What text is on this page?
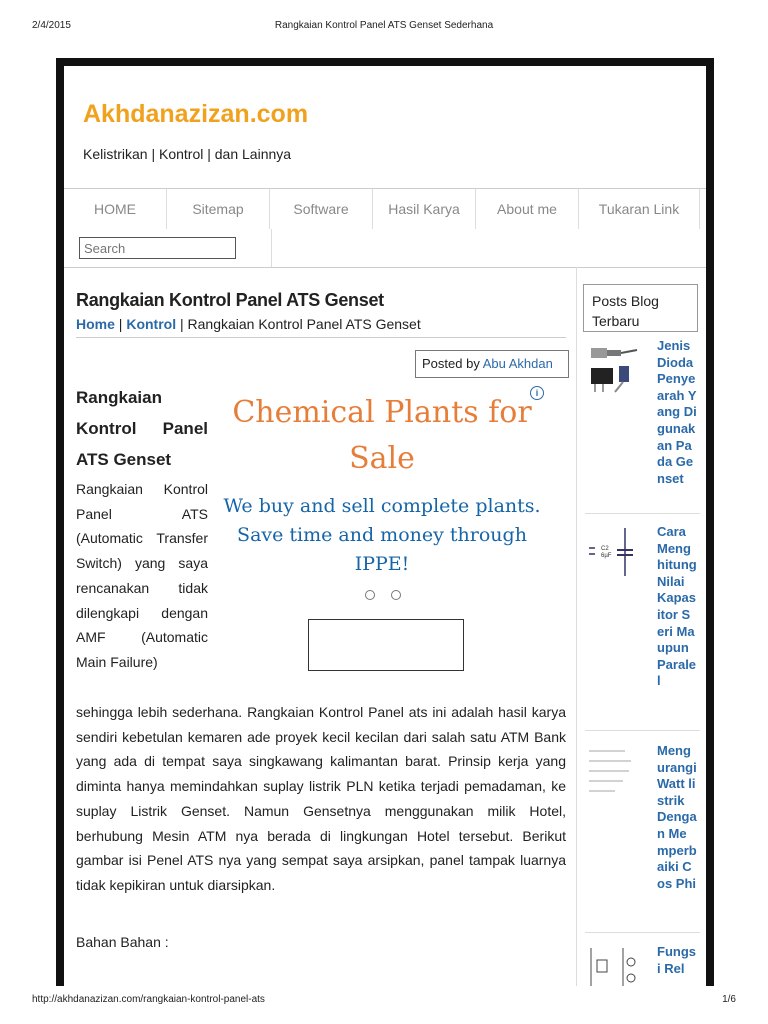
2/4/2015	Rangkaian Kontrol Panel ATS Genset Sederhana
Akhdanazizan.com
Kelistrikan | Kontrol | dan Lainnya
HOME	Sitemap	Software	Hasil Karya	About me	Tukaran Link
Search
Rangkaian Kontrol Panel ATS Genset
Home | Kontrol | Rangkaian Kontrol Panel ATS Genset
Posted by Abu Akhdan
Rangkaian Kontrol Panel ATS Genset
Rangkaian Kontrol Panel ATS (Automatic Transfer Switch) yang saya rencanakan tidak dilengkapi dengan AMF (Automatic Main Failure)
i
Chemical Plants for Sale
We buy and sell complete plants. Save time and money through IPPE!
sehingga lebih sederhana. Rangkaian Kontrol Panel ats ini adalah hasil karya sendiri kebetulan kemaren ade proyek kecil kecilan dari salah satu ATM Bank yang ada di tempat saya singkawang kalimantan barat. Prinsip kerja yang diminta hanya memindahkan suplay listrik PLN ketika terjadi pemadaman, ke suplay Listrik Genset. Namun Gensetnya menggunakan milik Hotel, berhubung Mesin ATM nya berada di lingkungan Hotel tersebut. Berikut gambar isi Penel ATS nya yang sempat saya arsipkan, panel tampak luarnya tidak kepikiran untuk diarsipkan.
Bahan Bahan :
Posts Blog Terbaru
Jenis Dioda Penyearah Yang Digunakan Pada Genset
C2
6µF
Cara Menghitung Nilai Kapasitor Seri Maupun Paralel
Mengurangi Watt listrik Dengan Memperbaiki Cos Phi
Fungsi Rel
http://akhdanazizan.com/rangkaian-kontrol-panel-ats	1/6
